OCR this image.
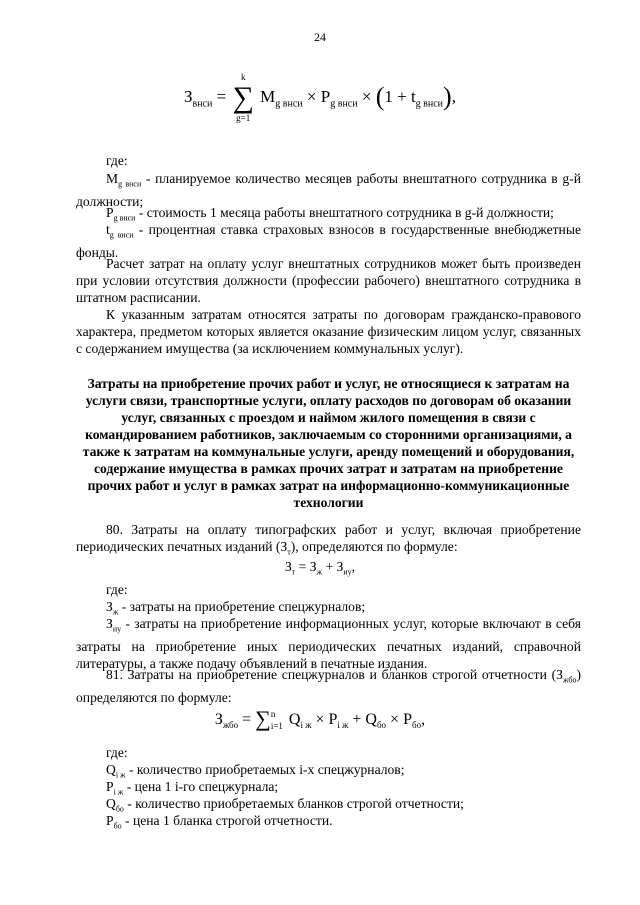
24
$З_{внси}$ = ∑
k
g=1
$M_{g внси} \times P_{g внси} \times (1 + t_{g внси})$,

где:

$M_{g внси}$ - планируемое количество месяцев работы внештатного сотрудника в g-й должности;

$P_{g внси}$ - стоимость 1 месяца работы внештатного сотрудника в g-й должности;

$t_{g внси}$ - процентная ставка страховых взносов в государственные внебюджетные фонды.

Расчет затрат на оплату услуг внештатных сотрудников может быть произведен при условии отсутствия должности (профессии рабочего) внештатного сотрудника в штатном расписании.

К указанным затратам относятся затраты по договорам гражданско-правового характера, предметом которых является оказание физическим лицом услуг, связанных с содержанием имущества (за исключением коммунальных услуг).

Затраты на приобретение прочих работ и услуг, не относящиеся к затратам на услуги связи, транспортные услуги, оплату расходов по договорам об оказании услуг, связанных с проездом и наймом жилого помещения в связи с командированием работников, заключаемым со сторонними организациями, а также к затратам на коммунальные услуги, аренду помещений и оборудования, содержание имущества в рамках прочих затрат и затратам на приобретение прочих работ и услуг в рамках затрат на информационно-коммуникационные технологии

80. Затраты на оплату типографских работ и услуг, включая приобретение периодических печатных изданий $(З_т)$, определяются по формуле:

$З_т = З_ж + З_{иу}$,

где:

$З_ж$ - затраты на приобретение спецжурналов;

$З_{иу}$ - затраты на приобретение информационных услуг, которые включают в себя затраты на приобретение иных периодических печатных изданий, справочной литературы, а также подачу объявлений в печатные издания.

81. Затраты на приобретение спецжурналов и бланков строгой отчетности $(З_{жбо})$ определяются по формуле:

$З_{жбо} = \sum n$
i=1 $Q_{i ж} \times P_{i ж} + Q_{бо} \times P_{бо}$,

где:

$Q_{i ж}$ - количество приобретаемых i-х спецжурналов;

$P_{i ж}$ - цена 1 i-го спецжурнала;

$Q_{бо}$ - количество приобретаемых бланков строгой отчетности;

$P_{бо}$ - цена 1 бланка строгой отчетности.
